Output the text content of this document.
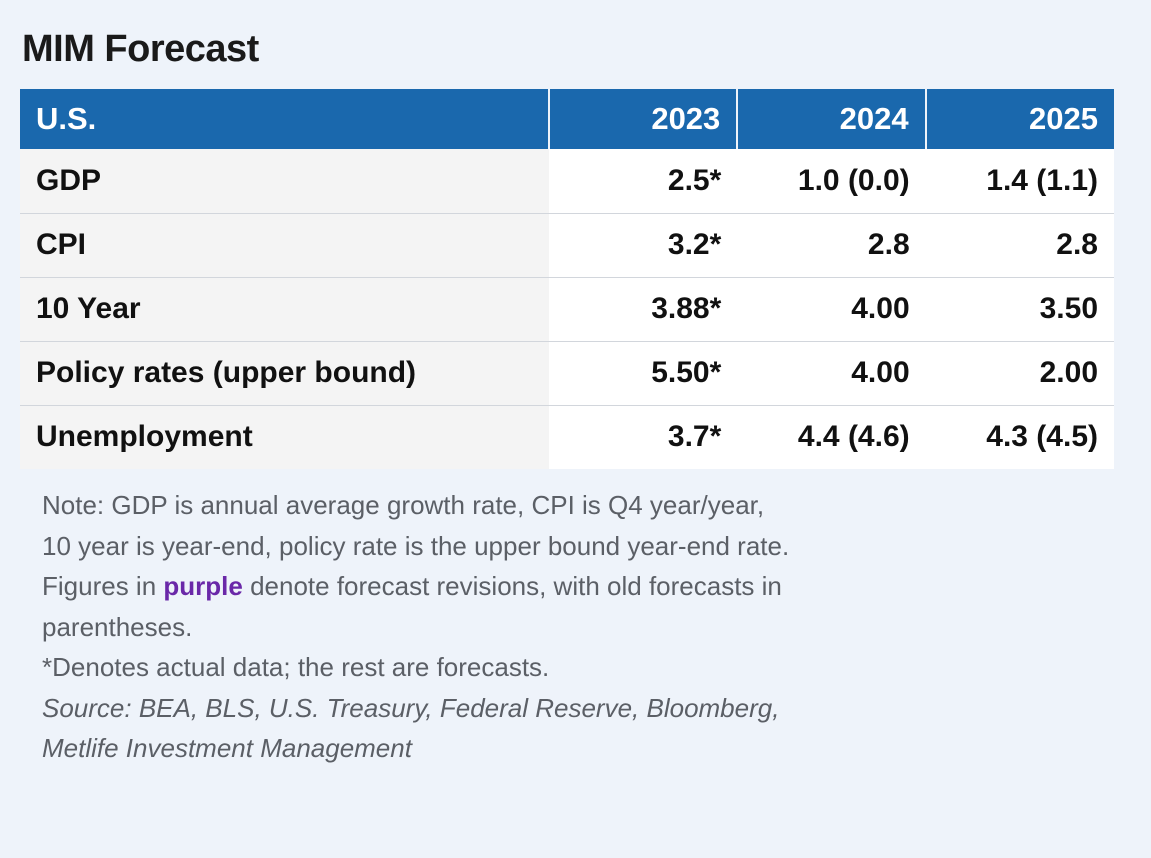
MIM Forecast
U.S.	2023	2024	2025
GDP	2.5*	1.0 (0.0)	1.4 (1.1)
CPI	3.2*	2.8	2.8
10 Year	3.88*	4.00	3.50
Policy rates (upper bound)	5.50*	4.00	2.00
Unemployment	3.7*	4.4 (4.6)	4.3 (4.5)
Note: GDP is annual average growth rate, CPI is Q4 year/year,
10 year is year-end, policy rate is the upper bound year-end rate.
Figures in purple denote forecast revisions, with old forecasts in
parentheses.
*Denotes actual data; the rest are forecasts.
Source: BEA, BLS, U.S. Treasury, Federal Reserve, Bloomberg,
Metlife Investment Management
